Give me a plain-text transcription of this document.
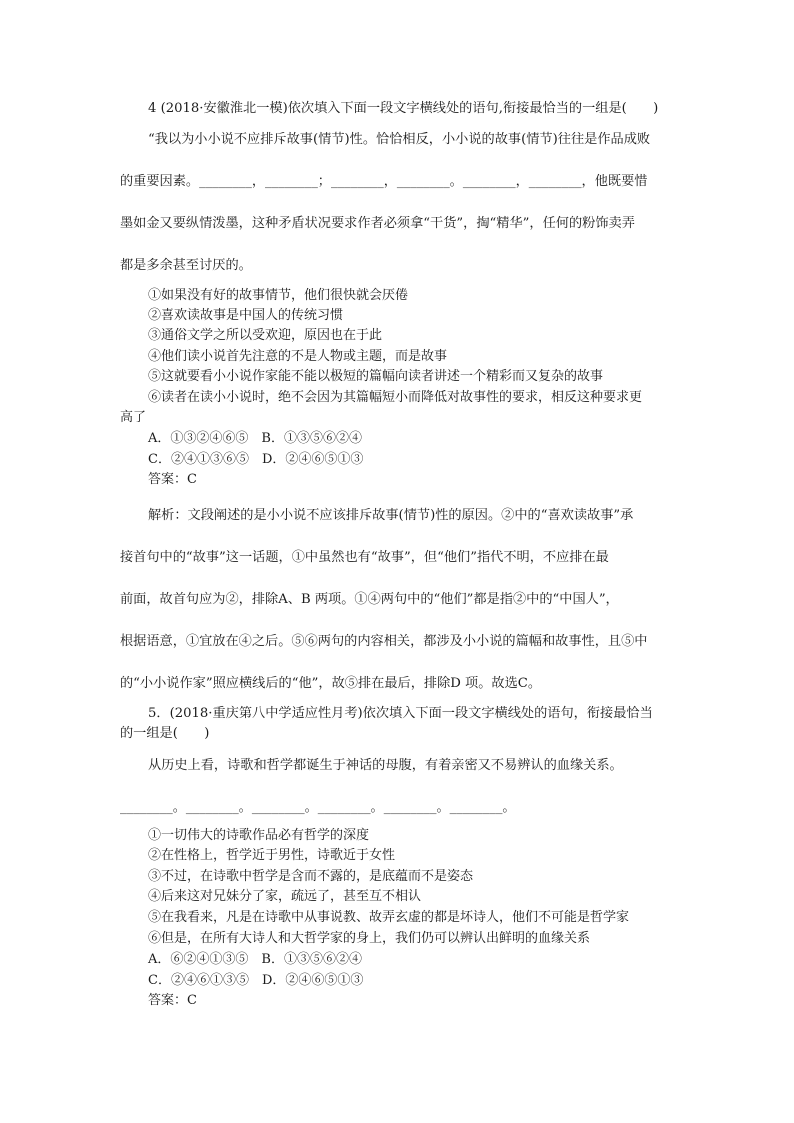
4 (2018·安徽淮北一模)依次填入下面一段文字横线处的语句,衔接最恰当的一组是(　　)
“我以为小小说不应排斥故事(情节)性。恰恰相反，小小说的故事(情节)往往是作品成败
的重要因素。________，________；________，________。________，________，他既要惜
墨如金又要纵情泼墨，这种矛盾状况要求作者必须拿“干货”，掏“精华”，任何的粉饰卖弄
都是多余甚至讨厌的。
①如果没有好的故事情节，他们很快就会厌倦
②喜欢读故事是中国人的传统习惯
③通俗文学之所以受欢迎，原因也在于此
④他们读小说首先注意的不是人物或主题，而是故事
⑤这就要看小小说作家能不能以极短的篇幅向读者讲述一个精彩而又复杂的故事
⑥读者在读小小说时，绝不会因为其篇幅短小而降低对故事性的要求，相反这种要求更
高了
A．①③②④⑥⑤　B．①③⑤⑥②④
C．②④①③⑥⑤　D．②④⑥⑤①③
答案：C
解析：文段阐述的是小小说不应该排斥故事(情节)性的原因。②中的“喜欢读故事”承
接首句中的“故事”这一话题，①中虽然也有“故事”，但“他们”指代不明，不应排在最
前面，故首句应为②，排除A、B 两项。①④两句中的“他们”都是指②中的“中国人”，
根据语意，①宜放在④之后。⑤⑥两句的内容相关，都涉及小小说的篇幅和故事性，且⑤中
的“小小说作家”照应横线后的“他”，故⑤排在最后，排除D 项。故选C。
5．(2018·重庆第八中学适应性月考)依次填入下面一段文字横线处的语句，衔接最恰当
的一组是(　　)
从历史上看，诗歌和哲学都诞生于神话的母腹，有着亲密又不易辨认的血缘关系。
________。________。________。________。________。________。
①一切伟大的诗歌作品必有哲学的深度
②在性格上，哲学近于男性，诗歌近于女性
③不过，在诗歌中哲学是含而不露的，是底蕴而不是姿态
④后来这对兄妹分了家，疏远了，甚至互不相认
⑤在我看来，凡是在诗歌中从事说教、故弄玄虚的都是坏诗人，他们不可能是哲学家
⑥但是，在所有大诗人和大哲学家的身上，我们仍可以辨认出鲜明的血缘关系
A．⑥②④①③⑤　B．①③⑤⑥②④
C．②④⑥①③⑤　D．②④⑥⑤①③
答案：C
